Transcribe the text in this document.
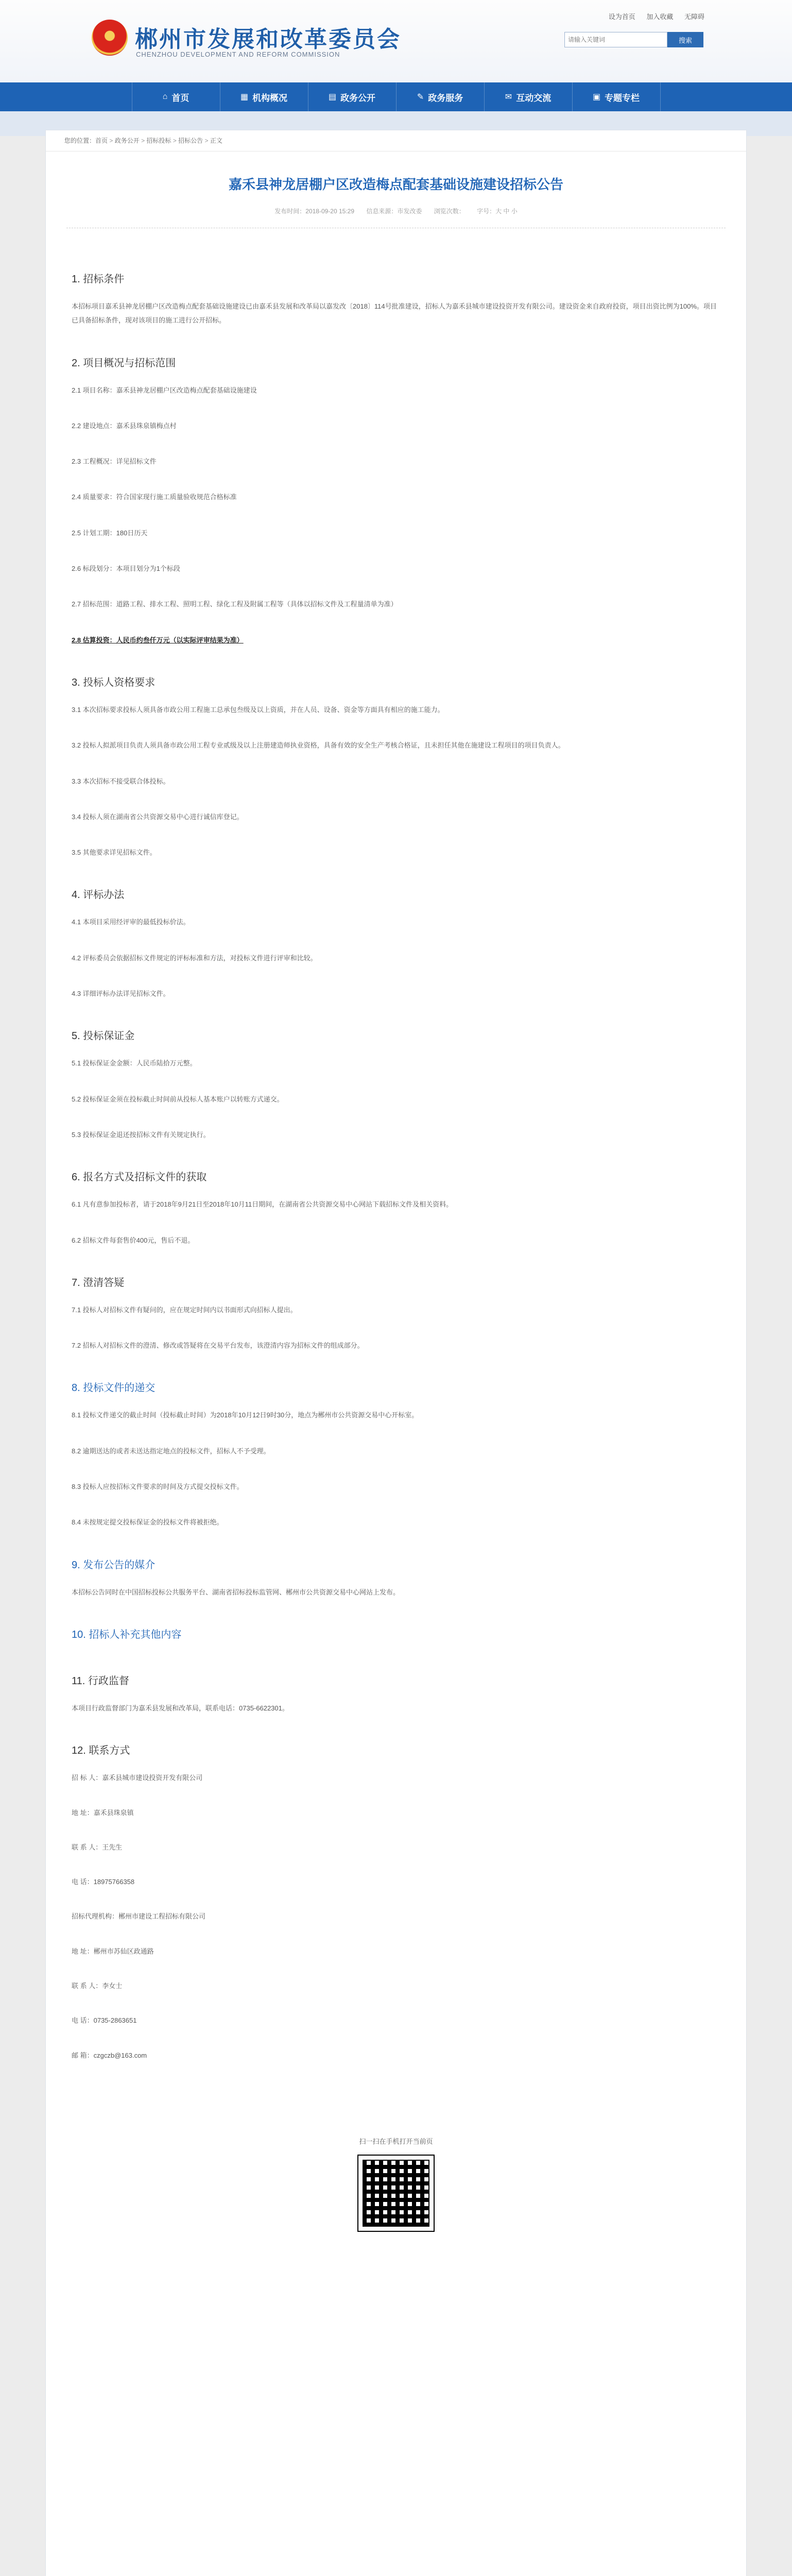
郴州市发展和改革委员会
CHENZHOU DEVELOPMENT AND REFORM COMMISSION
设为首页 加入收藏 无障碍
请输入关键词
搜索
⌂ 首页	▦ 机构概况	▤ 政务公开	✎ 政务服务	✉ 互动交流	▣ 专题专栏
您的位置：首页 > 政务公开 > 招标投标 > 招标公告 > 正文
嘉禾县神龙居棚户区改造梅点配套基础设施建设招标公告
发布时间：2018-09-20 15:29 信息来源：市发改委 浏览次数： 字号：大 中 小
1. 招标条件
本招标项目嘉禾县神龙居棚户区改造梅点配套基础设施建设已由嘉禾县发展和改革局以嘉发改〔2018〕114号批准建设，招标人为嘉禾县城市建设投资开发有限公司。建设资金来自政府投资，项目出资比例为100%。项目已具备招标条件，现对该项目的施工进行公开招标。
2. 项目概况与招标范围
2.1 项目名称：嘉禾县神龙居棚户区改造梅点配套基础设施建设
2.2 建设地点：嘉禾县珠泉镇梅点村
2.3 工程概况：详见招标文件
2.4 质量要求：符合国家现行施工质量验收规范合格标准
2.5 计划工期：180日历天
2.6 标段划分：本项目划分为1个标段
2.7 招标范围：道路工程、排水工程、照明工程、绿化工程及附属工程等（具体以招标文件及工程量清单为准）
2.8 估算投资：人民币约叁仟万元（以实际评审结果为准）
3. 投标人资格要求
3.1 本次招标要求投标人须具备市政公用工程施工总承包叁级及以上资质，并在人员、设备、资金等方面具有相应的施工能力。
3.2 投标人拟派项目负责人须具备市政公用工程专业贰级及以上注册建造师执业资格，具备有效的安全生产考核合格证，且未担任其他在施建设工程项目的项目负责人。
3.3 本次招标不接受联合体投标。
3.4 投标人须在湖南省公共资源交易中心进行诚信库登记。
3.5 其他要求详见招标文件。
4. 评标办法
4.1 本项目采用经评审的最低投标价法。
4.2 评标委员会依据招标文件规定的评标标准和方法，对投标文件进行评审和比较。
4.3 详细评标办法详见招标文件。
5. 投标保证金
5.1 投标保证金金额：人民币陆拾万元整。
5.2 投标保证金须在投标截止时间前从投标人基本账户以转账方式递交。
5.3 投标保证金退还按招标文件有关规定执行。
6. 报名方式及招标文件的获取
6.1 凡有意参加投标者，请于2018年9月21日至2018年10月11日期间，在湖南省公共资源交易中心网站下载招标文件及相关资料。
6.2 招标文件每套售价400元，售后不退。
7. 澄清答疑
7.1 投标人对招标文件有疑问的，应在规定时间内以书面形式向招标人提出。
7.2 招标人对招标文件的澄清、修改或答疑将在交易平台发布，该澄清内容为招标文件的组成部分。
8. 投标文件的递交
8.1 投标文件递交的截止时间（投标截止时间）为2018年10月12日9时30分，地点为郴州市公共资源交易中心开标室。
8.2 逾期送达的或者未送达指定地点的投标文件，招标人不予受理。
8.3 投标人应按招标文件要求的时间及方式提交投标文件。
8.4 未按规定提交投标保证金的投标文件将被拒绝。
9. 发布公告的媒介
本招标公告同时在中国招标投标公共服务平台、湖南省招标投标监管网、郴州市公共资源交易中心网站上发布。
10. 招标人补充其他内容
11. 行政监督
本项目行政监督部门为嘉禾县发展和改革局，联系电话：0735-6622301。
12. 联系方式
招 标 人：嘉禾县城市建设投资开发有限公司
地 址：嘉禾县珠泉镇
联 系 人：王先生
电 话：18975766358
招标代理机构：郴州市建设工程招标有限公司
地 址：郴州市苏仙区政通路
联 系 人：李女士
电 话：0735-2863651
邮 箱：czgczb@163.com
扫一扫在手机打开当前页
